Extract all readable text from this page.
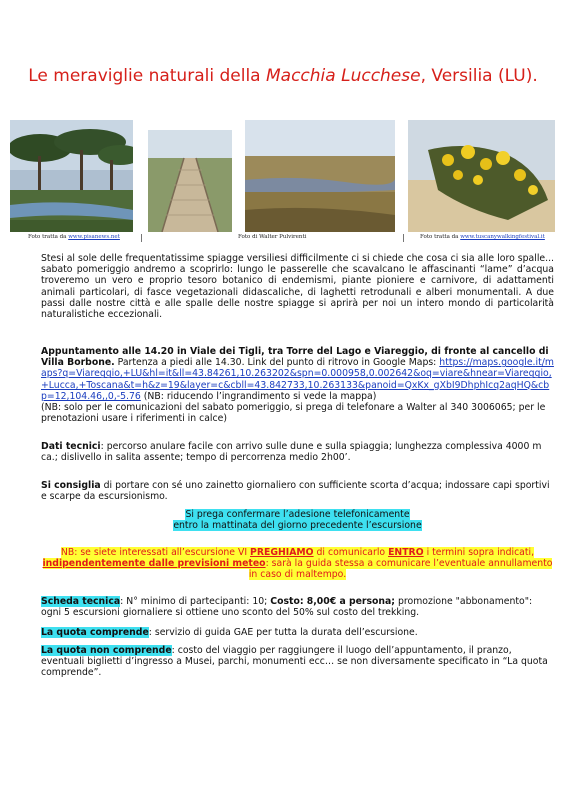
Le meraviglie naturali della Macchia Lucchese, Versilia (LU).
Foto tratta da www.pisanews.net	|	Foto di Walter Pulvirenti	|	Foto tratta da www.tuscanywalkingfestival.it
Stesi al sole delle frequentatissime spiagge versiliesi difficilmente ci si chiede che cosa ci sia alle loro spalle... sabato pomeriggio andremo a scoprirlo: lungo le passerelle che scavalcano le affascinanti “lame” d’acqua troveremo un vero e proprio tesoro botanico di endemismi, piante pioniere e carnivore, di adattamenti animali particolari, di fasce vegetazionali didascaliche, di laghetti retrodunali e alberi monumentali. A due passi dalle nostre città e alle spalle delle nostre spiagge si aprirà per noi un intero mondo di particolarità naturalistiche eccezionali.
Appuntamento alle 14.20 in Viale dei Tigli, tra Torre del Lago e Viareggio, di fronte al cancello di Villa Borbone. Partenza a piedi alle 14.30. Link del punto di ritrovo in Google Maps: https://maps.google.it/maps?q=Viareggio,+LU&hl=it&ll=43.84261,10.263202&spn=0.000958,0.002642&oq=viare&hnear=Viareggio,+Lucca,+Toscana&t=h&z=19&layer=c&cbll=43.842733,10.263133&panoid=QxKx_gXbI9DhphIcq2aqHQ&cbp=12,104.46,,0,-5.76 (NB: riducendo l’ingrandimento si vede la mappa)
(NB: solo per le comunicazioni del sabato pomeriggio, si prega di telefonare a Walter al 340 3006065; per le prenotazioni usare i riferimenti in calce)
Dati tecnici: percorso anulare facile con arrivo sulle dune e sulla spiaggia; lunghezza complessiva 4000 m ca.; dislivello in salita assente; tempo di percorrenza medio 2h00’.
Si consiglia di portare con sé uno zainetto giornaliero con sufficiente scorta d’acqua; indossare capi sportivi e scarpe da escursionismo.
Si prega confermare l’adesione telefonicamente
entro la mattinata del giorno precedente l’escursione
NB: se siete interessati all’escursione VI PREGHIAMO di comunicarlo ENTRO i termini sopra indicati, indipendentemente dalle previsioni meteo: sarà la guida stessa a comunicare l’eventuale annullamento in caso di maltempo.
Scheda tecnica: N° minimo di partecipanti: 10; Costo: 8,00€ a persona; promozione "abbonamento": ogni 5 escursioni giornaliere si ottiene uno sconto del 50% sul costo del trekking.
La quota comprende: servizio di guida GAE per tutta la durata dell’escursione.
La quota non comprende: costo del viaggio per raggiungere il luogo dell’appuntamento, il pranzo, eventuali biglietti d’ingresso a Musei, parchi, monumenti ecc… se non diversamente specificato in “La quota comprende”.
